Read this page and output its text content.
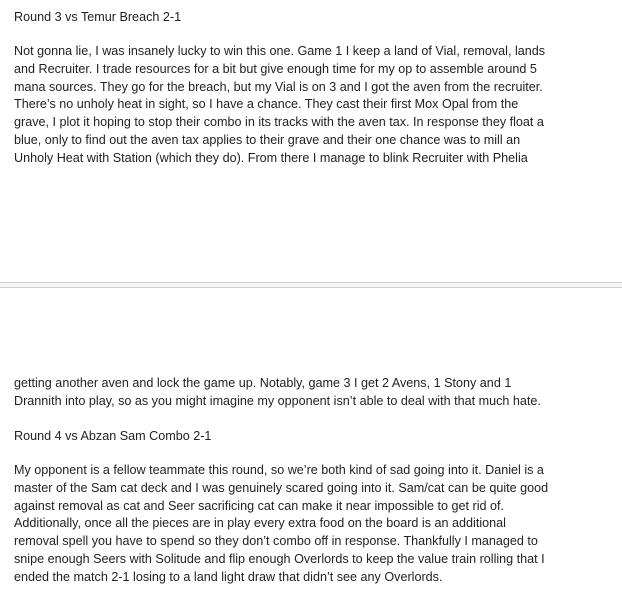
Round 3 vs Temur Breach 2-1
Not gonna lie, I was insanely lucky to win this one. Game 1 I keep a land of Vial, removal, lands
and Recruiter. I trade resources for a bit but give enough time for my op to assemble around 5
mana sources. They go for the breach, but my Vial is on 3 and I got the aven from the recruiter.
There’s no unholy heat in sight, so I have a chance. They cast their first Mox Opal from the
grave, I plot it hoping to stop their combo in its tracks with the aven tax. In response they float a
blue, only to find out the aven tax applies to their grave and their one chance was to mill an
Unholy Heat with Station (which they do). From there I manage to blink Recruiter with Phelia
getting another aven and lock the game up. Notably, game 3 I get 2 Avens, 1 Stony and 1
Drannith into play, so as you might imagine my opponent isn’t able to deal with that much hate.
Round 4 vs Abzan Sam Combo 2-1
My opponent is a fellow teammate this round, so we’re both kind of sad going into it. Daniel is a
master of the Sam cat deck and I was genuinely scared going into it. Sam/cat can be quite good
against removal as cat and Seer sacrificing cat can make it near impossible to get rid of.
Additionally, once all the pieces are in play every extra food on the board is an additional
removal spell you have to spend so they don’t combo off in response. Thankfully I managed to
snipe enough Seers with Solitude and flip enough Overlords to keep the value train rolling that I
ended the match 2-1 losing to a land light draw that didn’t see any Overlords.
